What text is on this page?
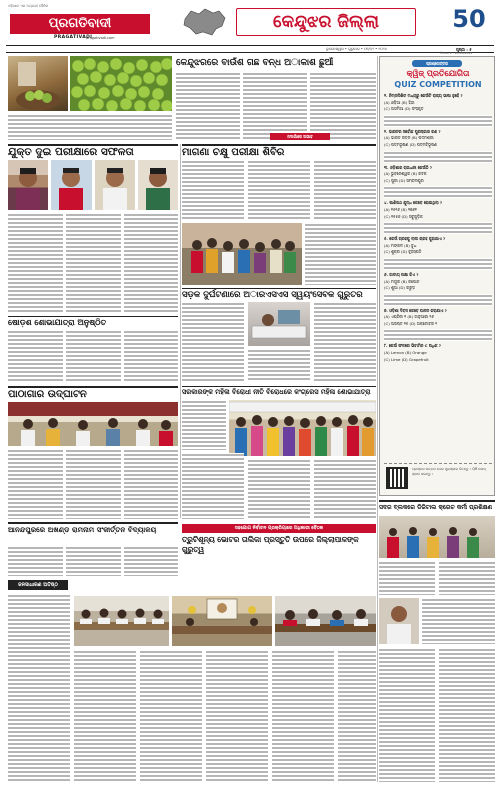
ଓଡ଼ିଶାର ଏକ ଅଗ୍ରଣୀ ଦୈନିକ
ପ୍ରଗତିବାଦୀ
PRAGATIVADI
pragativadi.com
କେନ୍ଦୁଝର ଜିଲ୍ଲା	50
ଭୁବନେଶ୍ୱର • ଗୁରୁବାର • ୦୧/୦୨ • ୨୦୨୪	ପୃଷ୍ଠା : ୫
କେନ୍ଦୁଝରରେ ବାଉଁଶ ଗଛ ବନ୍ଧ ଅାକାଶ ଛୁଆଁ
ନଦୀଗାଁରେ ଅଭାବ
ପ୍ରଶ୍ନୋତ୍ତର
ବିଜ୍ଞାପନ ନଂ: PD-29/2022
କ୍ୱିଜ୍ ପ୍ରତିଯୋଗିତା
QUIZ COMPETITION
୧. ନିମ୍ନଲିଖିତ ମଧ୍ୟରୁ କେଉଁଟି ରାଜ୍ୟ ଭାଷା ନୁହେଁ ?
(A) ଓଡ଼ିଆ (B) ହିନ୍ଦୀ
(C) ଅସମିଆ (D) ସଂସ୍କୃତ
୨. ଭାରତର ସର୍ବୋଚ୍ଚ ପୁରସ୍କାର କଣ ?
(A) ଭାରତ ରତ୍ନ (B) ପଦ୍ମଶ୍ରୀ
(C) ପଦ୍ମଭୂଷଣ (D) ପଦ୍ମବିଭୂଷଣ
୩. ଓଡ଼ିଶାର ରାଜଧାନୀ କେଉଁଠି ?
(A) ଭୁବନେଶ୍ୱର (B) କଟକ
(C) ପୁରୀ (D) ସମ୍ବଲପୁର
୪. ପାଣିପଥ ଯୁଦ୍ଧ କେବେ ହୋଇଥିଲା ?
(A) ୧୫୨୬ (B) ୧୭୬୧
(C) ୧୫୫୬ (D) ସବୁଗୁଡ଼ିକ
୫. କେଉଁ ଗ୍ରହକୁ ଲାଲ ଗ୍ରହ କୁହାଯାଏ ?
(A) ମଙ୍ଗଳ (B) ବୁଧ
(C) ଶୁକ୍ର (D) ବୃହସ୍ପତି
୬. ଜାତୀୟ ପକ୍ଷୀ କିଏ ?
(A) ମୟୂର (B) କପୋତ
(C) ଶୁଆ (D) ଗରୁଡ଼
୭. ଓଡ଼ିଶା ଦିବସ କେବେ ପାଳନ କରାଯାଏ ?
(A) ଏପ୍ରିଲ ୧ (B) ଜାନୁଆରୀ ୨୬
(C) ଅଗଷ୍ଟ ୧୫ (D) ଅକ୍ଟୋବର ୨
୮. କେଉଁ ଫଳରେ ଭିଟାମିନ C ଅଧିକ ?
(A) Lemon (B) Orange
(C) Lime (D) Grapefruit
ପ୍ରଶ୍ନର ଉତ୍ତର ଦେଇ ପୁରସ୍କାର ଜିତନ୍ତୁ । QR କୋଡ୍ ସ୍କାନ କରନ୍ତୁ ।
ଯୁକ୍ତ ଦୁଇ ପରୀକ୍ଷାରେ ସଫଳତା	ମାଗଣା ଚକ୍ଷୁ ପରୀକ୍ଷା ଶିବିର
ଷୋଡ଼ଶ ଶୋଭାଯାତ୍ରା ଅନୁଷ୍ଠିତ
ସଡ଼କ ଦୁର୍ଘଟଣାରେ ଅାରଏସଏସ ସ୍ୱୟଂସେବକ ଗୁରୁତର
ପାଠାଗାର ଉଦ୍‌ଘାଟନ	ସରକାରଙ୍କ ମହିଳା ବିରୋଧୀ ନୀତି ବିରୋଧରେ କଂଗ୍ରେସ ମହିଳା ଶୋଭାଯାତ୍ରା
ସଦର ବ୍ଲକରେ ଡିଜିଟାଲ କ୍ରେଚ କର୍ମୀ ପ୍ରଶିକ୍ଷଣ
ଆନନ୍ଦପୁରରେ ଅଖଣ୍ଡ ରାମନାମ ସଂକୀର୍ତ୍ତନ ବିଦ୍ୟାଳୟ
ଜନସାଧାରଣ ଅତିଷ୍ଠ
ସହଯୋଗ ନିର୍ବାଚନ ପ୍ରକ୍ରିୟାରେ ଅଧିକାରୀ ବୈଠକ
ତ୍ରୁଟିଶୂନ୍ୟ ଭୋଟର ତାଲିକା ପ୍ରସ୍ତୁତି ଉପରେ ଜିଲ୍ଲାପାଳଙ୍କ ଗୁରୁତ୍ୱ
